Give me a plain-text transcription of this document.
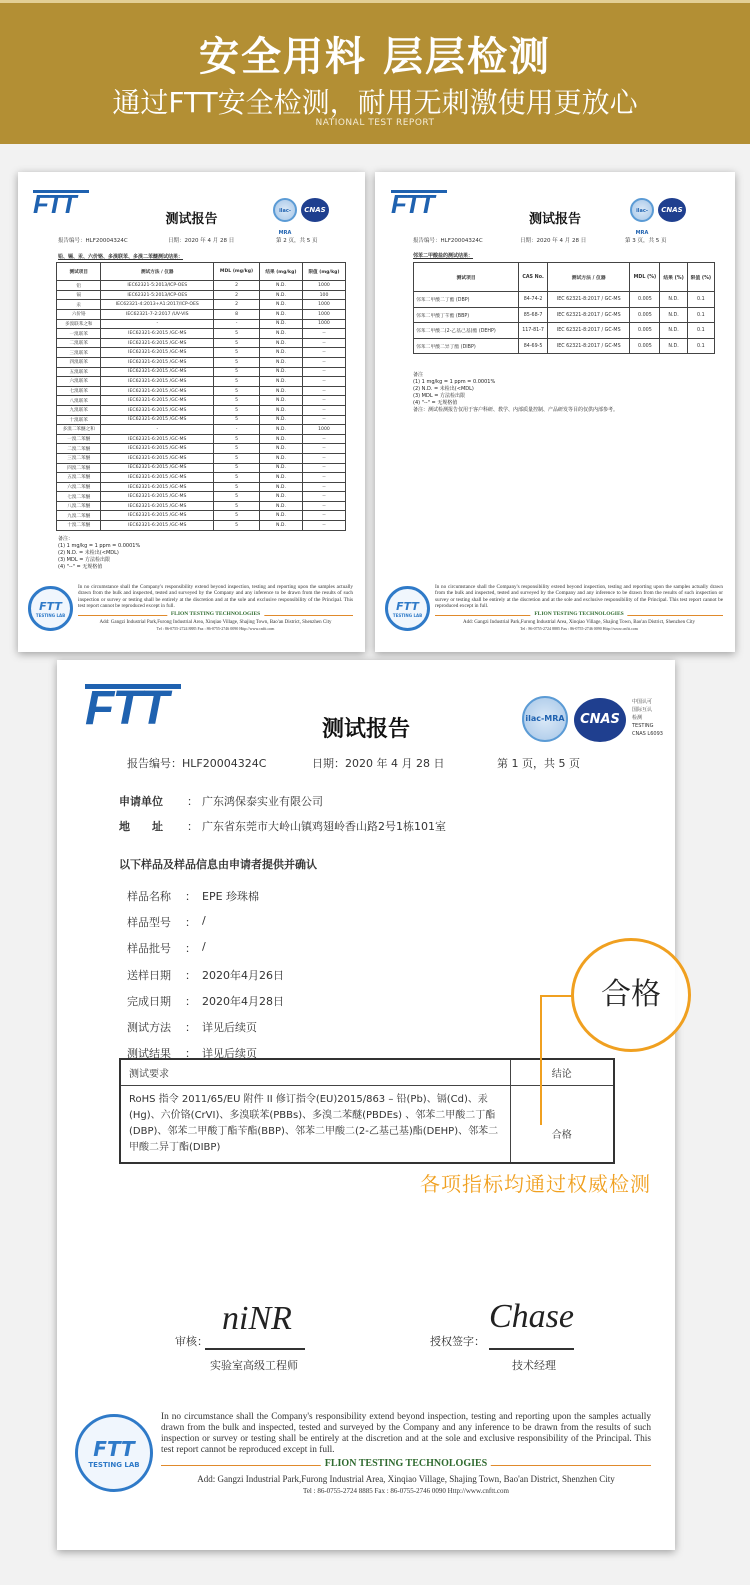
安全用料 层层检测
通过FTT安全检测，耐用无刺激使用更放心
NATIONAL TEST REPORT
FTT
测试报告
ilac-MRA
CNAS
报告编号：HLF20004324C	日期：2020 年 4 月 28 日	第 2 页，共 5 页
铅、镉、汞、六价铬、多溴联苯、多溴二苯醚测试结果：
测试项目	测试方法 / 仪器	MDL (mg/kg)	结果 (mg/kg)	限值 (mg/kg)
铅	IEC62321-5:2013/ICP-OES	2	N.D.	1000
镉	IEC62321-5:2013/ICP-OES	2	N.D.	100
汞	IEC62321-4:2013+A1:2017/ICP-OES	2	N.D.	1000
六价铬	IEC62321-7-2:2017 /UV-VIS	8	N.D.	1000
多溴联苯之和	-	-	N.D.	1000
一溴联苯	IEC62321-6:2015 /GC-MS	5	N.D.	--
二溴联苯	IEC62321-6:2015 /GC-MS	5	N.D.	--
三溴联苯	IEC62321-6:2015 /GC-MS	5	N.D.	--
四溴联苯	IEC62321-6:2015 /GC-MS	5	N.D.	--
五溴联苯	IEC62321-6:2015 /GC-MS	5	N.D.	--
六溴联苯	IEC62321-6:2015 /GC-MS	5	N.D.	--
七溴联苯	IEC62321-6:2015 /GC-MS	5	N.D.	--
八溴联苯	IEC62321-6:2015 /GC-MS	5	N.D.	--
九溴联苯	IEC62321-6:2015 /GC-MS	5	N.D.	--
十溴联苯	IEC62321-6:2015 /GC-MS	5	N.D.	--
多溴二苯醚之和	-	-	N.D.	1000
一溴二苯醚	IEC62321-6:2015 /GC-MS	5	N.D.	--
二溴二苯醚	IEC62321-6:2015 /GC-MS	5	N.D.	--
三溴二苯醚	IEC62321-6:2015 /GC-MS	5	N.D.	--
四溴二苯醚	IEC62321-6:2015 /GC-MS	5	N.D.	--
五溴二苯醚	IEC62321-6:2015 /GC-MS	5	N.D.	--
六溴二苯醚	IEC62321-6:2015 /GC-MS	5	N.D.	--
七溴二苯醚	IEC62321-6:2015 /GC-MS	5	N.D.	--
八溴二苯醚	IEC62321-6:2015 /GC-MS	5	N.D.	--
九溴二苯醚	IEC62321-6:2015 /GC-MS	5	N.D.	--
十溴二苯醚	IEC62321-6:2015 /GC-MS	5	N.D.	--
备注：
(1) 1 mg/kg = 1 ppm = 0.0001%
(2) N.D. = 未检出(<MDL)
(3) MDL = 方法检出限
(4) "--" = 无规格值
In no circumstance shall the Company's responsibility extend beyond inspection, testing and reporting upon the samples actually drawn from the bulk and inspected, tested and surveyed by the Company and any inference to be drawn from the results of such inspection or survey or testing shall be entirely at the discretion and at the sole and exclusive responsibility of the Principal. This test report cannot be reproduced except in full.
FLION TESTING TECHNOLOGIES
Add: Gangzi Industrial Park,Furong Industrial Area, Xinqiao Village, Shajing Town, Bao'an District, Shenzhen City
Tel : 86-0755-2724 8885 Fax : 86-0755-2746 0090 Http://www.cnftt.com
FTT
TESTING LAB
FTT
测试报告
ilac-MRA
CNAS
报告编号：HLF20004324C	日期：2020 年 4 月 28 日	第 3 页，共 5 页
邻苯二甲酸盐的测试结果：
测试项目	CAS No.	测试方法 / 仪器	MDL (%)	结果 (%)	限值 (%)
邻苯二甲酸二丁酯 (DBP)	84-74-2	IEC 62321-8:2017 / GC-MS	0.005	N.D.	0.1
邻苯二甲酸丁苄酯 (BBP)	85-68-7	IEC 62321-8:2017 / GC-MS	0.005	N.D.	0.1
邻苯二甲酸二(2-乙基己基)酯 (DEHP)	117-81-7	IEC 62321-8:2017 / GC-MS	0.005	N.D.	0.1
邻苯二甲酸二异丁酯 (DIBP)	84-69-5	IEC 62321-8:2017 / GC-MS	0.005	N.D.	0.1
备注
(1) 1 mg/kg = 1 ppm = 0.0001%
(2) N.D. = 未检出(<MDL)
(3) MDL = 方法检出限
(4) "--" = 无规格值
备注：测试检测报告仅用于客户科研、教学、内部质量控制、产品研发等目的仅供内部参考。
In no circumstance shall the Company's responsibility extend beyond inspection, testing and reporting upon the samples actually drawn from the bulk and inspected, tested and surveyed by the Company and any inference to be drawn from the results of such inspection or survey or testing shall be entirely at the discretion and at the sole and exclusive responsibility of the Principal. This test report cannot be reproduced except in full.
FLION TESTING TECHNOLOGIES
Add: Gangzi Industrial Park,Furong Industrial Area, Xinqiao Village, Shajing Town, Bao'an District, Shenzhen City
Tel : 86-0755-2724 8885 Fax : 86-0755-2746 0090 Http://www.cnftt.com
FTT
TESTING LAB
FTT	测试报告	ilac-MRA	CNAS
中国认可
国际互认
检测
TESTING
CNAS L6093
报告编号：HLF20004324C	日期：2020 年 4 月 28 日	第 1 页，共 5 页
申请单位 ： 广东鸿保泰实业有限公司
地　　址 ： 广东省东莞市大岭山镇鸡翅岭香山路2号1栋101室
以下样品及样品信息由申请者提供并确认
测试要求	结论
RoHS 指令 2011/65/EU 附件 II 修订指令(EU)2015/863 – 铅(Pb)、镉(Cd)、汞(Hg)、六价铬(CrVI)、多溴联苯(PBBs)、多溴二苯醚(PBDEs) 、邻苯二甲酸二丁酯(DBP)、邻苯二甲酸丁酯苄酯(BBP)、邻苯二甲酸二(2-乙基己基)酯(DEHP)、邻苯二甲酸二异丁酯(DIBP)	合格
审核：
niNR
实验室高级工程师
授权签字：
Chase
技术经理
In no circumstance shall the Company's responsibility extend beyond inspection, testing and reporting upon the samples actually drawn from the bulk and inspected, tested and surveyed by the Company and any inference to be drawn from the results of such inspection or survey or testing shall be entirely at the discretion and at the sole and exclusive responsibility of the Principal. This test report cannot be reproduced except in full.
FLION TESTING TECHNOLOGIES
Add: Gangzi Industrial Park,Furong Industrial Area, Xinqiao Village, Shajing Town, Bao'an District, Shenzhen City
Tel : 86-0755-2724 8885 Fax : 86-0755-2746 0090 Http://www.cnftt.com
样品名称 ： EPE 珍珠棉
样品型号 ： /
样品批号 ： /
送样日期 ： 2020年4月26日
完成日期 ： 2020年4月28日
测试方法 ： 详见后续页
测试结果 ： 详见后续页
FTT
TESTING LAB
合格
各项指标均通过权威检测
